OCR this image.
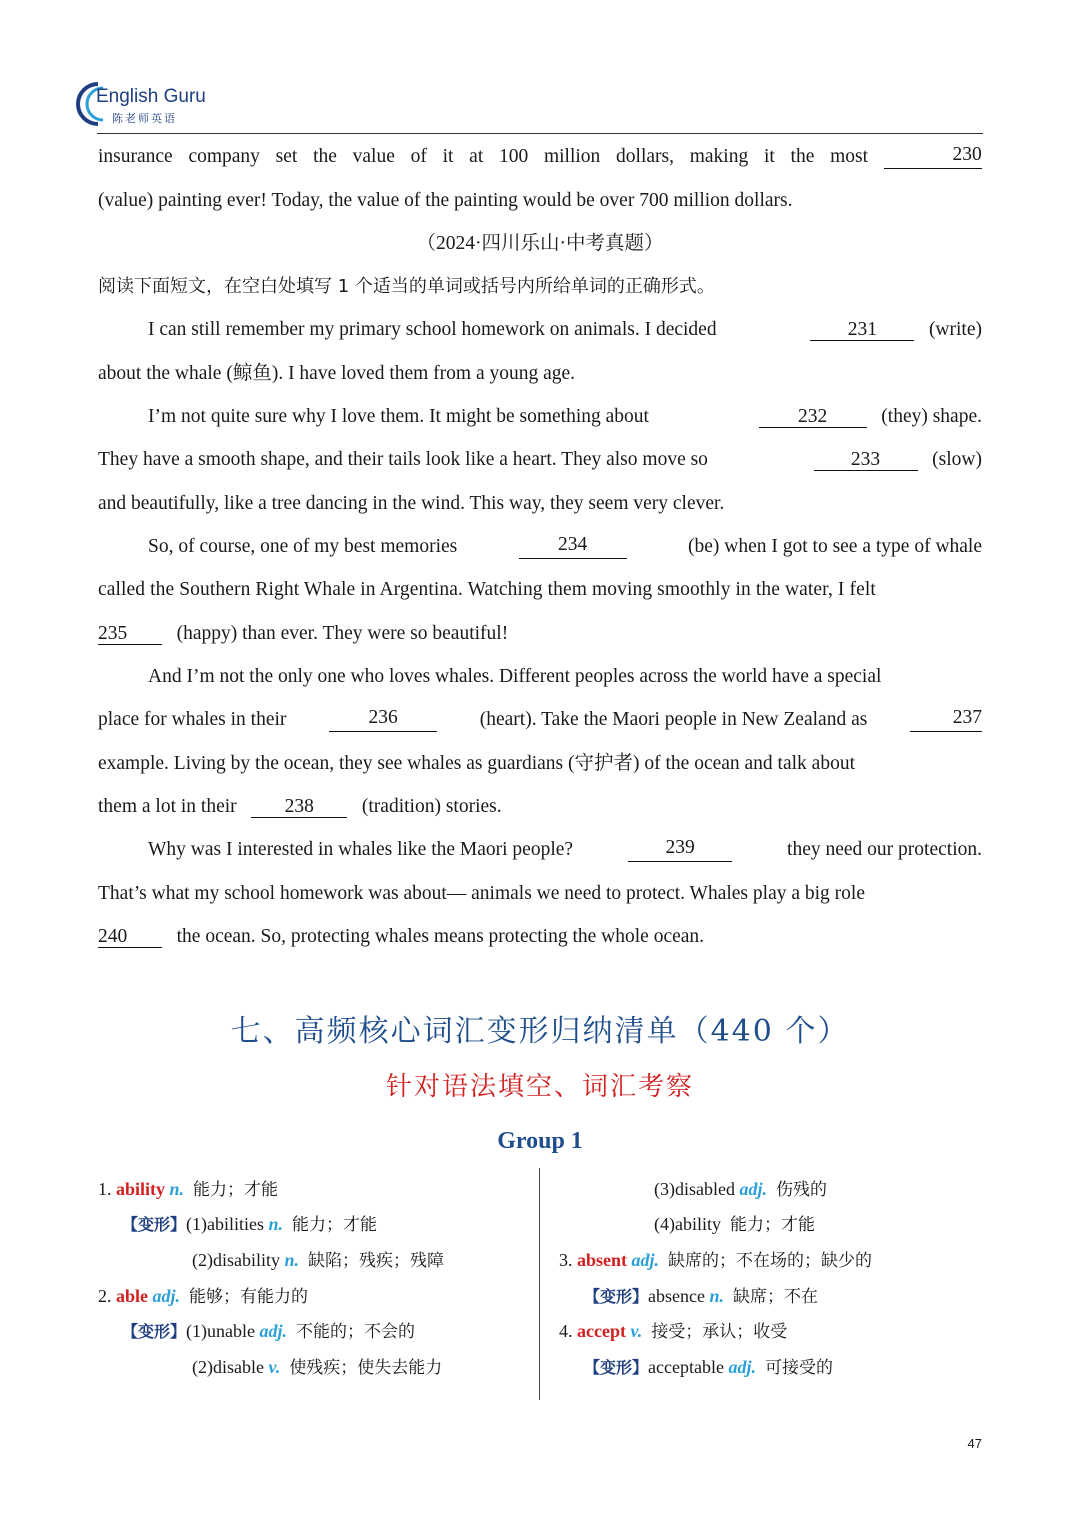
English Guru
陈老师英语
insurance company set the value of it at 100 million dollars, making it the most	230
(value) painting ever! Today, the value of the painting would be over 700 million dollars.
（2024·四川乐山·中考真题）
阅读下面短文，在空白处填写 1 个适当的单词或括号内所给单词的正确形式。
I can still remember my primary school homework on animals. I decided	231	(write)
about the whale (鲸鱼). I have loved them from a young age.
I’m not quite sure why I love them. It might be something about	232	(they) shape.
They have a smooth shape, and their tails look like a heart. They also move so	233	(slow)
and beautifully, like a tree dancing in the wind. This way, they seem very clever.
So, of course, one of my best memories	234	(be) when I got to see a type of whale
called the Southern Right Whale in Argentina. Watching them moving smoothly in the water, I felt
235	(happy) than ever. They were so beautiful!
And I’m not the only one who loves whales. Different peoples across the world have a special
place for whales in their	236	(heart). Take the Maori people in New Zealand as	237
example. Living by the ocean, they see whales as guardians (守护者) of the ocean and talk about
them a lot in their 238 (tradition) stories.
Why was I interested in whales like the Maori people?	239	they need our protection.
That’s what my school homework was about— animals we need to protect. Whales play a big role
240	the ocean. So, protecting whales means protecting the whole ocean.
七、高频核心词汇变形归纳清单（440 个）
针对语法填空、词汇考察
Group 1
1. ability n. 能力；才能
【变形】(1)abilities n. 能力；才能
(2)disability n. 缺陷；残疾；残障
2. able adj. 能够；有能力的
【变形】(1)unable adj. 不能的；不会的
(2)disable v. 使残疾；使失去能力
(3)disabled adj. 伤残的
(4)ability 能力；才能
3. absent adj. 缺席的；不在场的；缺少的
【变形】absence n. 缺席；不在
4. accept v. 接受；承认；收受
【变形】acceptable adj. 可接受的
47
